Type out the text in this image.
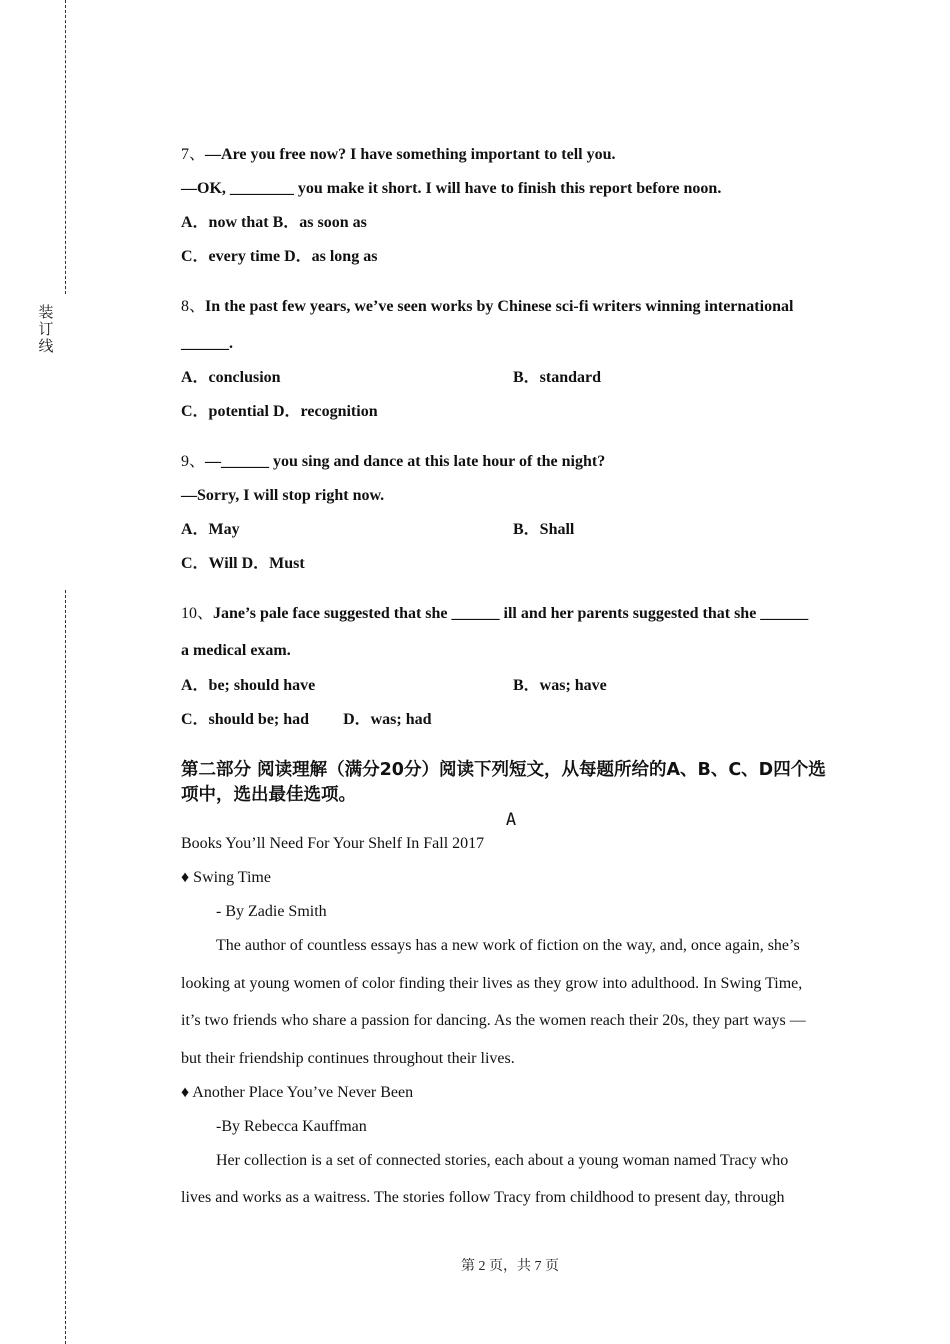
装
订
线
7、—Are you free now? I have something important to tell you.
—OK, ________ you make it short. I will have to finish this report before noon.
A．now that B．as soon as
C．every time D．as long as
8、In the past few years, we’ve seen works by Chinese sci-fi writers winning international
______.
A．conclusion	B．standard
C．potential D．recognition
9、—______ you sing and dance at this late hour of the night?
—Sorry, I will stop right now.
A．May	B．Shall
C．Will D．Must
10、Jane’s pale face suggested that she ______ ill and her parents suggested that she ______
a medical exam.
A．be; should have	B．was; have
C．should be; had D．was; had
第二部分 阅读理解（满分20分）阅读下列短文，从每题所给的A、B、C、D四个选项中，选出最佳选项。
A
Books You’ll Need For Your Shelf In Fall 2017
♦ Swing Time
- By Zadie Smith
The author of countless essays has a new work of fiction on the way, and, once again, she’s
looking at young women of color finding their lives as they grow into adulthood. In Swing Time,
it’s two friends who share a passion for dancing. As the women reach their 20s, they part ways —
but their friendship continues throughout their lives.
♦ Another Place You’ve Never Been
-By Rebecca Kauffman
Her collection is a set of connected stories, each about a young woman named Tracy who
lives and works as a waitress. The stories follow Tracy from childhood to present day, through
第 2 页，共 7 页
